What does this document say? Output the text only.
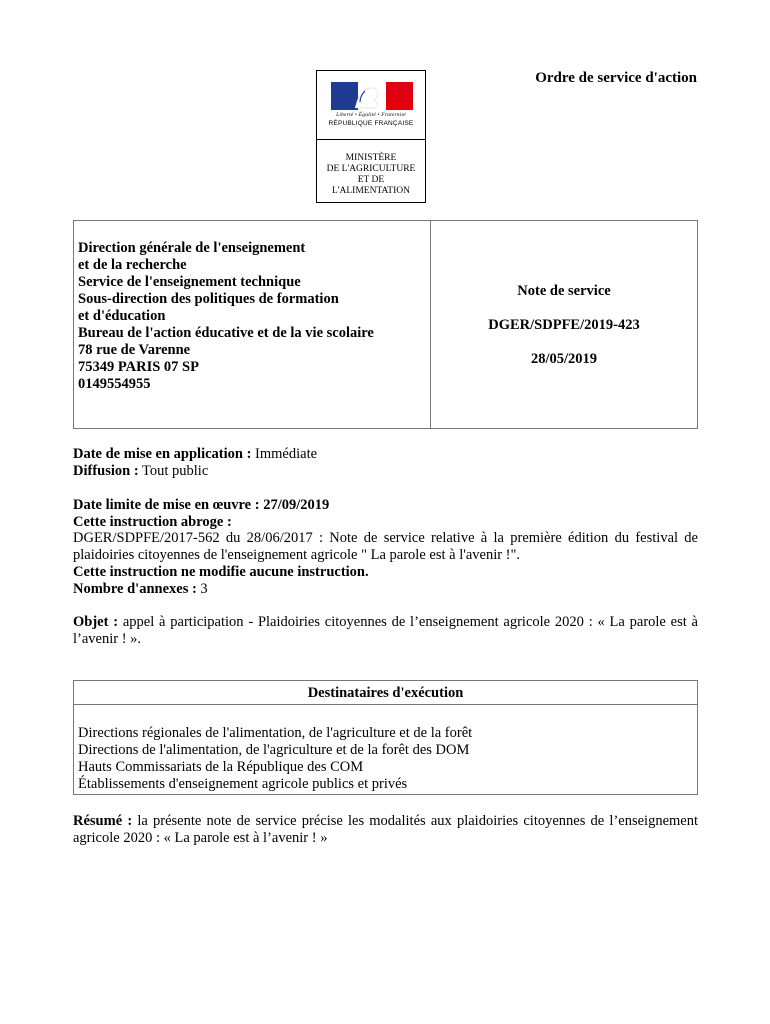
Liberté • Égalité • Fraternité
RÉPUBLIQUE FRANÇAISE
MINISTÈRE
DE L'AGRICULTURE
ET DE
L'ALIMENTATION
Ordre de service d'action
Direction générale de l'enseignement
et de la recherche
Service de l'enseignement technique
Sous-direction des politiques de formation
et d'éducation
Bureau de l'action éducative et de la vie scolaire
78 rue de Varenne
75349 PARIS 07 SP
0149554955
Note de service
DGER/SDPFE/2019-423
28/05/2019
Date de mise en application : Immédiate
Diffusion : Tout public
Date limite de mise en œuvre : 27/09/2019
Cette instruction abroge :
DGER/SDPFE/2017-562 du 28/06/2017 : Note de service relative à la première édition du festival de plaidoiries citoyennes de l'enseignement agricole " La parole est à l'avenir !".
Cette instruction ne modifie aucune instruction.
Nombre d'annexes : 3
Objet : appel à participation - Plaidoiries citoyennes de l’enseignement agricole 2020 : « La parole est à l’avenir ! ».
Destinataires d'exécution
Directions régionales de l'alimentation, de l'agriculture et de la forêt
Directions de l'alimentation, de l'agriculture et de la forêt des DOM
Hauts Commissariats de la République des COM
Établissements d'enseignement agricole publics et privés
Résumé : la présente note de service précise les modalités aux plaidoiries citoyennes de l’enseignement agricole 2020 : « La parole est à l’avenir ! »
